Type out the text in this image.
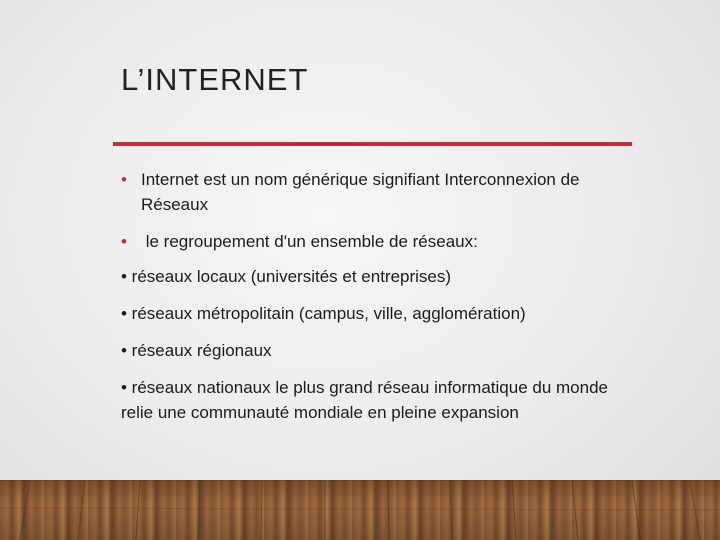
L’INTERNET
• Internet est un nom générique signifiant Interconnexion de Réseaux
• le regroupement d'un ensemble de réseaux:
• réseaux locaux (universités et entreprises)
• réseaux métropolitain (campus, ville, agglomération)
• réseaux régionaux
• réseaux nationaux le plus grand réseau informatique du monde relie une communauté mondiale en pleine expansion
